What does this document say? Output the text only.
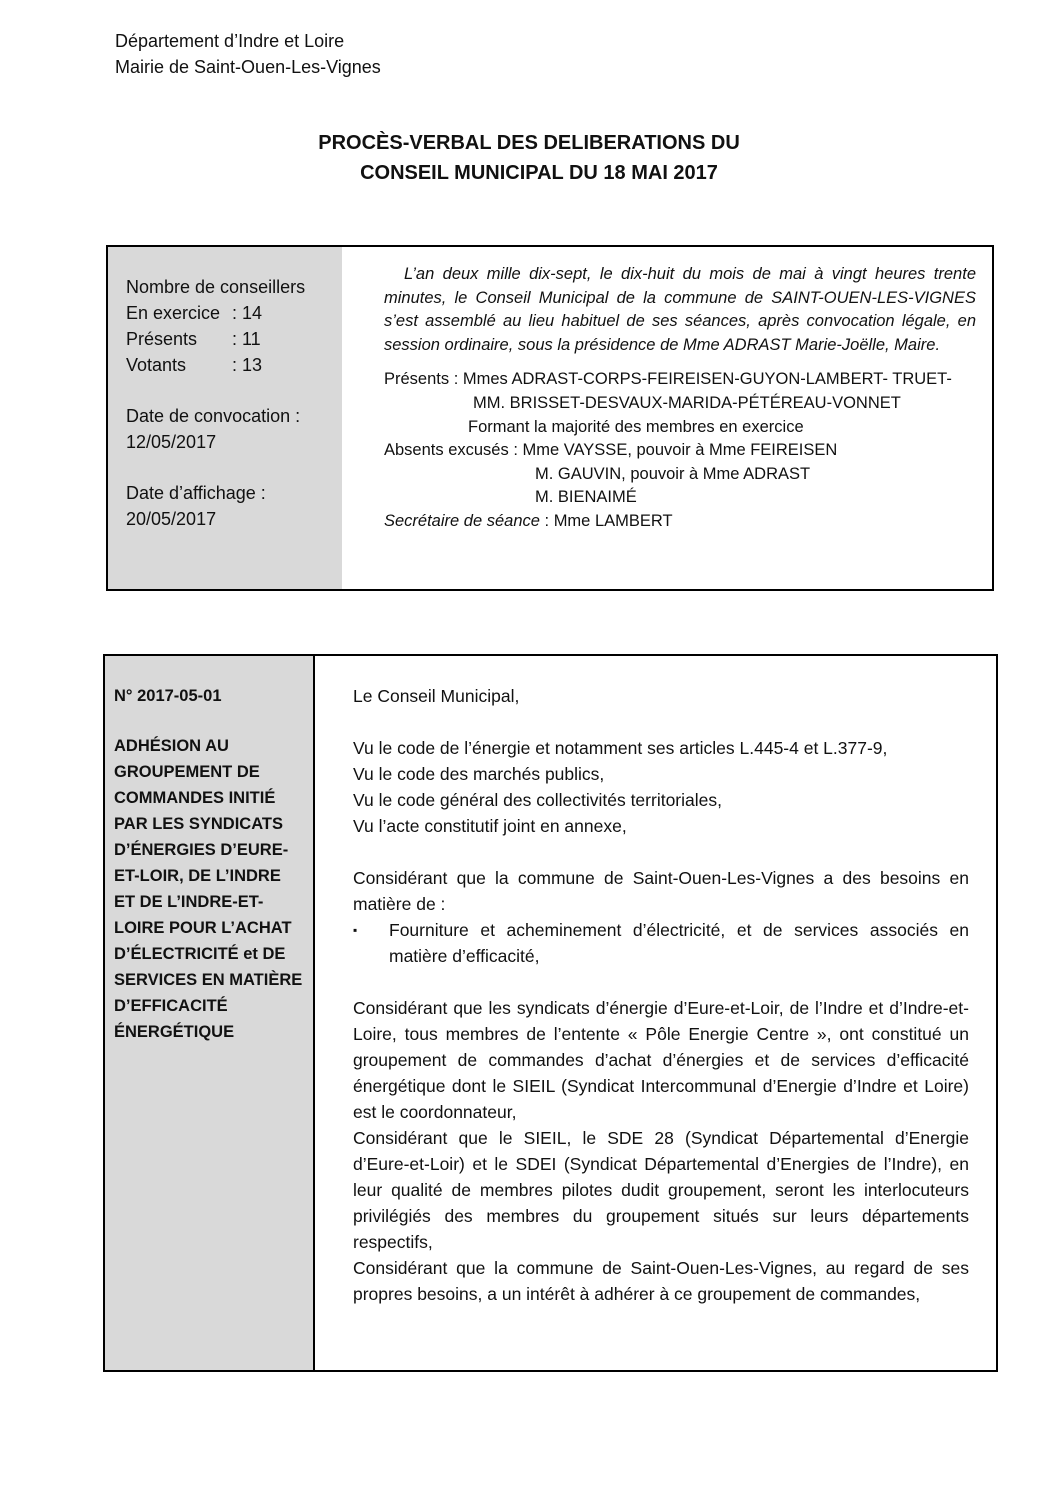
Département d’Indre et Loire
Mairie de Saint-Ouen-Les-Vignes
PROCÈS-VERBAL DES DELIBERATIONS DU
CONSEIL MUNICIPAL DU 18 MAI 2017
Nombre de conseillers
En exercice : 14
Présents	: 11
Votants	: 13
Date de convocation :
12/05/2017
Date d’affichage :
20/05/2017
L’an deux mille dix-sept, le dix-huit du mois de mai à vingt heures trente minutes, le Conseil Municipal de la commune de SAINT-OUEN-LES-VIGNES s’est assemblé au lieu habituel de ses séances, après convocation légale, en session ordinaire, sous la présidence de Mme ADRAST Marie-Joëlle, Maire.
Présents : Mmes ADRAST-CORPS-FEIREISEN-GUYON-LAMBERT- TRUET-
MM. BRISSET-DESVAUX-MARIDA-PÉTÉREAU-VONNET
Formant la majorité des membres en exercice
Absents excusés : Mme VAYSSE, pouvoir à Mme FEIREISEN
M. GAUVIN, pouvoir à Mme ADRAST
M. BIENAIMÉ
Secrétaire de séance : Mme LAMBERT
N° 2017-05-01
ADHÉSION AU GROUPEMENT DE COMMANDES INITIÉ PAR LES SYNDICATS D’ÉNERGIES D’EURE-ET-LOIR, DE L’INDRE ET DE L’INDRE-ET-LOIRE POUR L’ACHAT D’ÉLECTRICITÉ et DE SERVICES EN MATIÈRE D’EFFICACITÉ ÉNERGÉTIQUE
Le Conseil Municipal,
Vu le code de l’énergie et notamment ses articles L.445-4 et L.377-9,
Vu le code des marchés publics,
Vu le code général des collectivités territoriales,
Vu l’acte constitutif joint en annexe,
Considérant que la commune de Saint-Ouen-Les-Vignes a des besoins en matière de :
▪	Fourniture et acheminement d’électricité, et de services associés en matière d’efficacité,
Considérant que les syndicats d’énergie d’Eure-et-Loir, de l’Indre et d’Indre-et-Loire, tous membres de l’entente « Pôle Energie Centre », ont constitué un groupement de commandes d’achat d’énergies et de services d’efficacité énergétique dont le SIEIL (Syndicat Intercommunal d’Energie d’Indre et Loire) est le coordonnateur,
Considérant que le SIEIL, le SDE 28 (Syndicat Départemental d’Energie d’Eure-et-Loir) et le SDEI (Syndicat Départemental d’Energies de l’Indre), en leur qualité de membres pilotes dudit groupement, seront les interlocuteurs privilégiés des membres du groupement situés sur leurs départements respectifs,
Considérant que la commune de Saint-Ouen-Les-Vignes, au regard de ses propres besoins, a un intérêt à adhérer à ce groupement de commandes,
